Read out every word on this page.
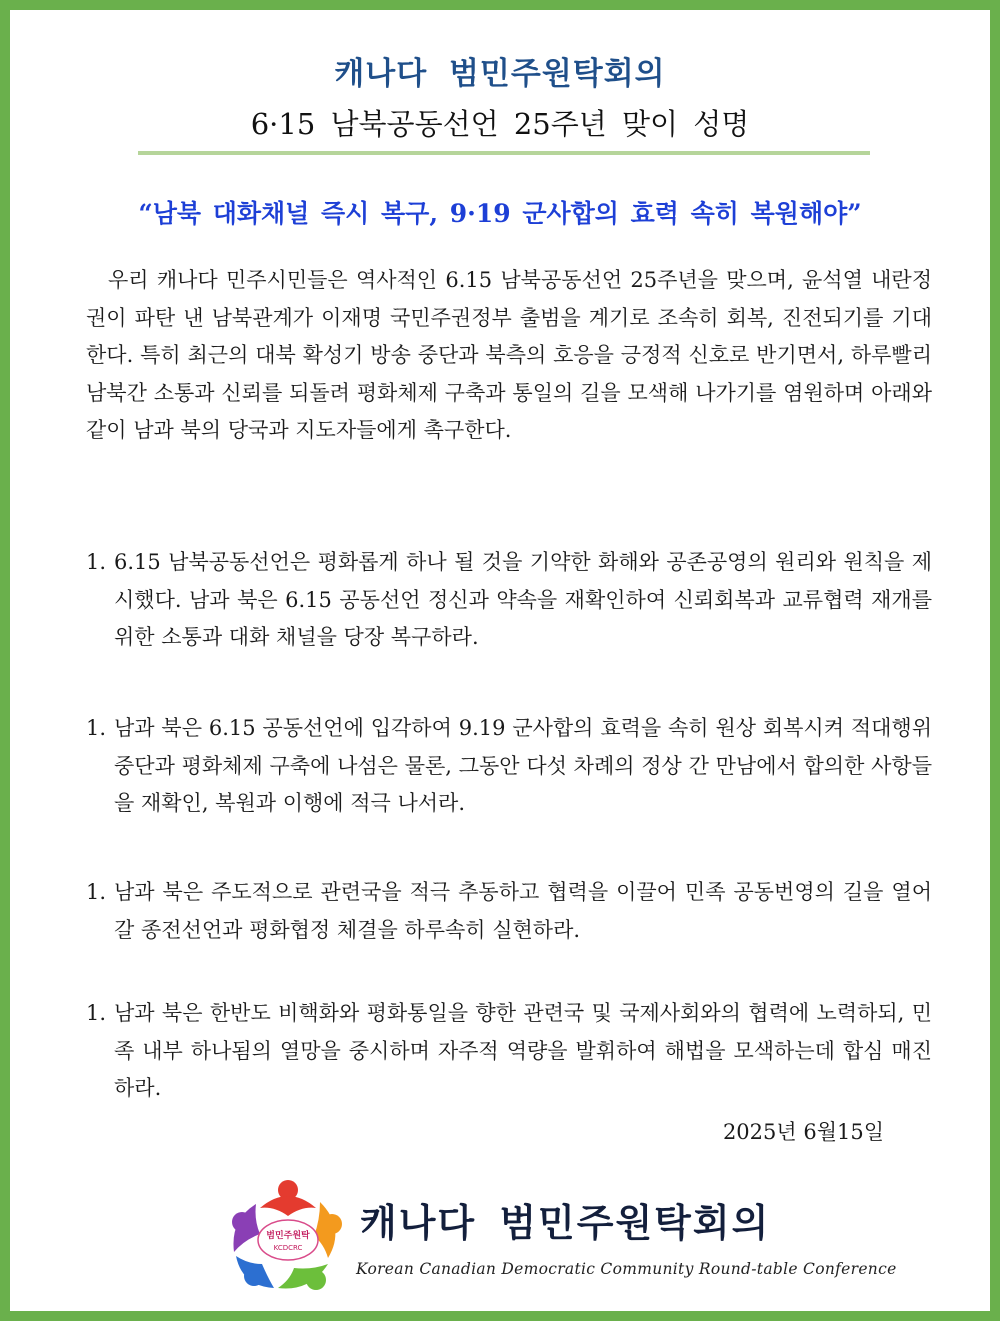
캐나다 범민주원탁회의
6·15 남북공동선언 25주년 맞이 성명
“남북 대화채널 즉시 복구, 9·19 군사합의 효력 속히 복원해야”
우리 캐나다 민주시민들은 역사적인 6.15 남북공동선언 25주년을 맞으며, 윤석열 내란정권이 파탄 낸 남북관계가 이재명 국민주권정부 출범을 계기로 조속히 회복, 진전되기를 기대한다. 특히 최근의 대북 확성기 방송 중단과 북측의 호응을 긍정적 신호로 반기면서, 하루빨리 남북간 소통과 신뢰를 되돌려 평화체제 구축과 통일의 길을 모색해 나가기를 염원하며 아래와 같이 남과 북의 당국과 지도자들에게 촉구한다.
1. 6.15 남북공동선언은 평화롭게 하나 될 것을 기약한 화해와 공존공영의 원리와 원칙을 제시했다. 남과 북은 6.15 공동선언 정신과 약속을 재확인하여 신뢰회복과 교류협력 재개를 위한 소통과 대화 채널을 당장 복구하라.
1. 남과 북은 6.15 공동선언에 입각하여 9.19 군사합의 효력을 속히 원상 회복시켜 적대행위 중단과 평화체제 구축에 나섬은 물론, 그동안 다섯 차례의 정상 간 만남에서 합의한 사항들을 재확인, 복원과 이행에 적극 나서라.
1. 남과 북은 주도적으로 관련국을 적극 추동하고 협력을 이끌어 민족 공동번영의 길을 열어갈 종전선언과 평화협정 체결을 하루속히 실현하라.
1. 남과 북은 한반도 비핵화와 평화통일을 향한 관련국 및 국제사회와의 협력에 노력하되, 민족 내부 하나됨의 열망을 중시하며 자주적 역량을 발휘하여 해법을 모색하는데 합심 매진하라.
2025년 6월15일
범민주원탁
KCDCRC
캐나다 범민주원탁회의
Korean Canadian Democratic Community Round-table Conference
